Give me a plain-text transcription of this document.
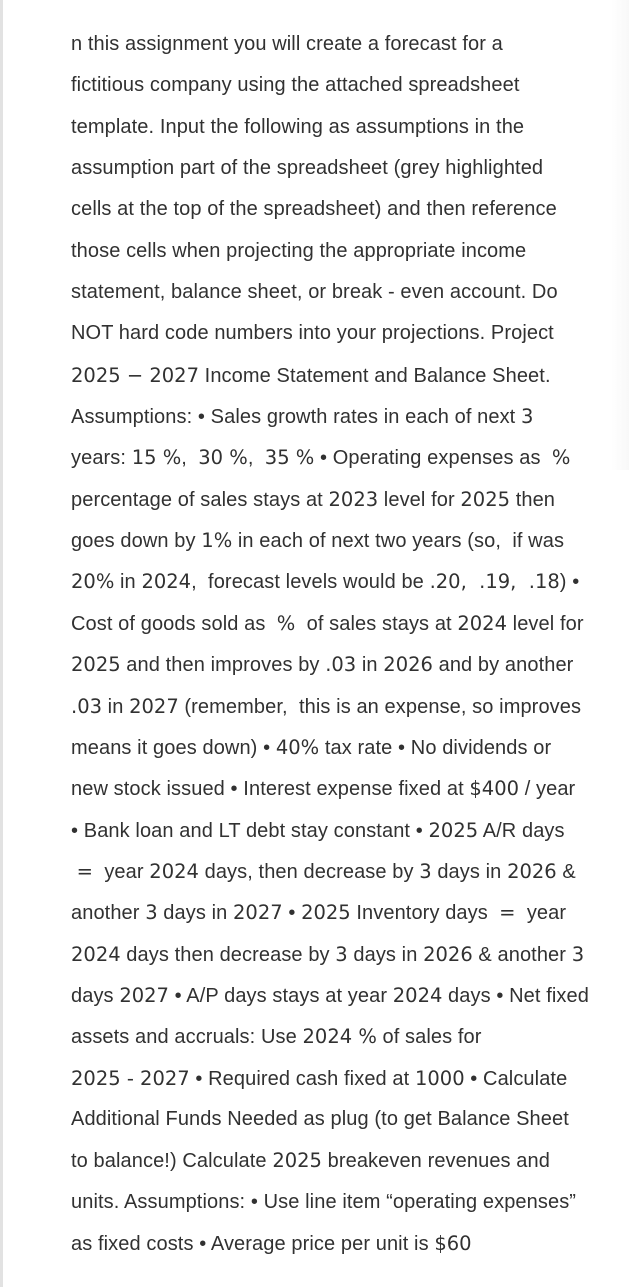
n this assignment you will create a forecast for a
fictitious company using the attached spreadsheet
template. Input the following as assumptions in the
assumption part of the spreadsheet (grey highlighted
cells at the top of the spreadsheet) and then reference
those cells when projecting the appropriate income
statement, balance sheet, or break - even account. Do
NOT hard code numbers into your projections. Project
2025 − 2027 Income Statement and Balance Sheet.
Assumptions: • Sales growth rates in each of next 3
years: 15 %,  30 %,  35 % • Operating expenses as  %
percentage of sales stays at 2023 level for 2025 then
goes down by 1% in each of next two years (so,  if was
20% in 2024,  forecast levels would be .20,  .19,  .18) •
Cost of goods sold as  %  of sales stays at 2024 level for
2025 and then improves by .03 in 2026 and by another
.03 in 2027 (remember,  this is an expense, so improves
means it goes down) • 40% tax rate • No dividends or
new stock issued • Interest expense fixed at $400 / year
• Bank loan and LT debt stay constant • 2025 A/R days
=  year 2024 days, then decrease by 3 days in 2026 &
another 3 days in 2027 • 2025 Inventory days  =  year
2024 days then decrease by 3 days in 2026 & another 3
days 2027 • A/P days stays at year 2024 days • Net fixed
assets and accruals: Use 2024 % of sales for
2025 - 2027 • Required cash fixed at 1000 • Calculate
Additional Funds Needed as plug (to get Balance Sheet
to balance!) Calculate 2025 breakeven revenues and
units. Assumptions: • Use line item “operating expenses”
as fixed costs • Average price per unit is $60
